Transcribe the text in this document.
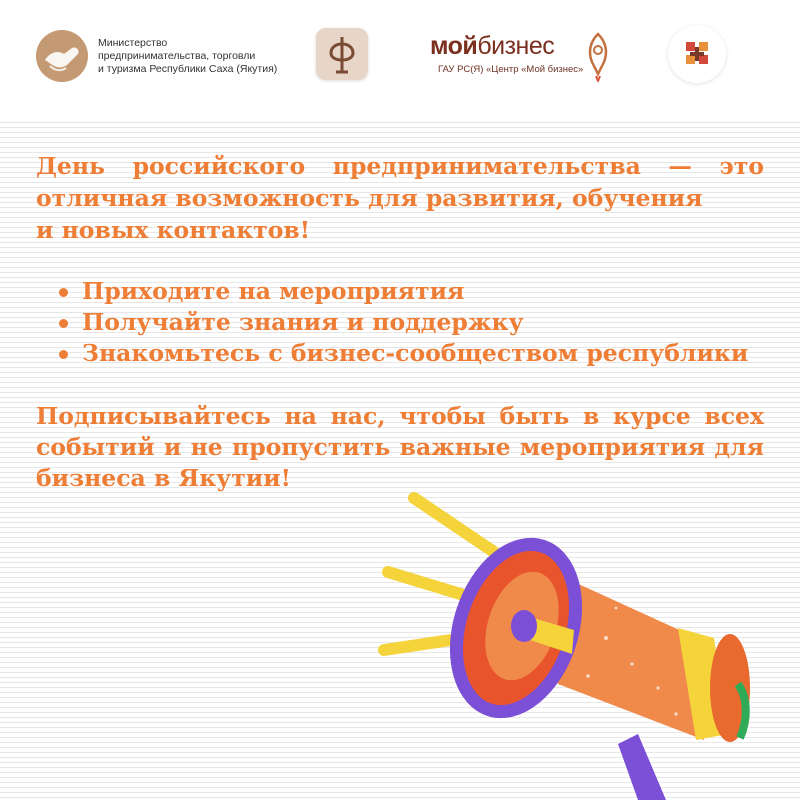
Министерство
предпринимательства, торговли
и туризма Республики Саха (Якутия)
мойбизнес
ГАУ РС(Я) «Центр «Мой бизнес»

День российского предпринимательства — это
отличная возможность для развития, обучения
и новых контактов!

Приходите на мероприятия
Получайте знания и поддержку
Знакомьтесь с бизнес-сообществом республики

Подписывайтесь на нас, чтобы быть в курсе всех
событий и не пропустить важные мероприятия для
бизнеса в Якутии!
